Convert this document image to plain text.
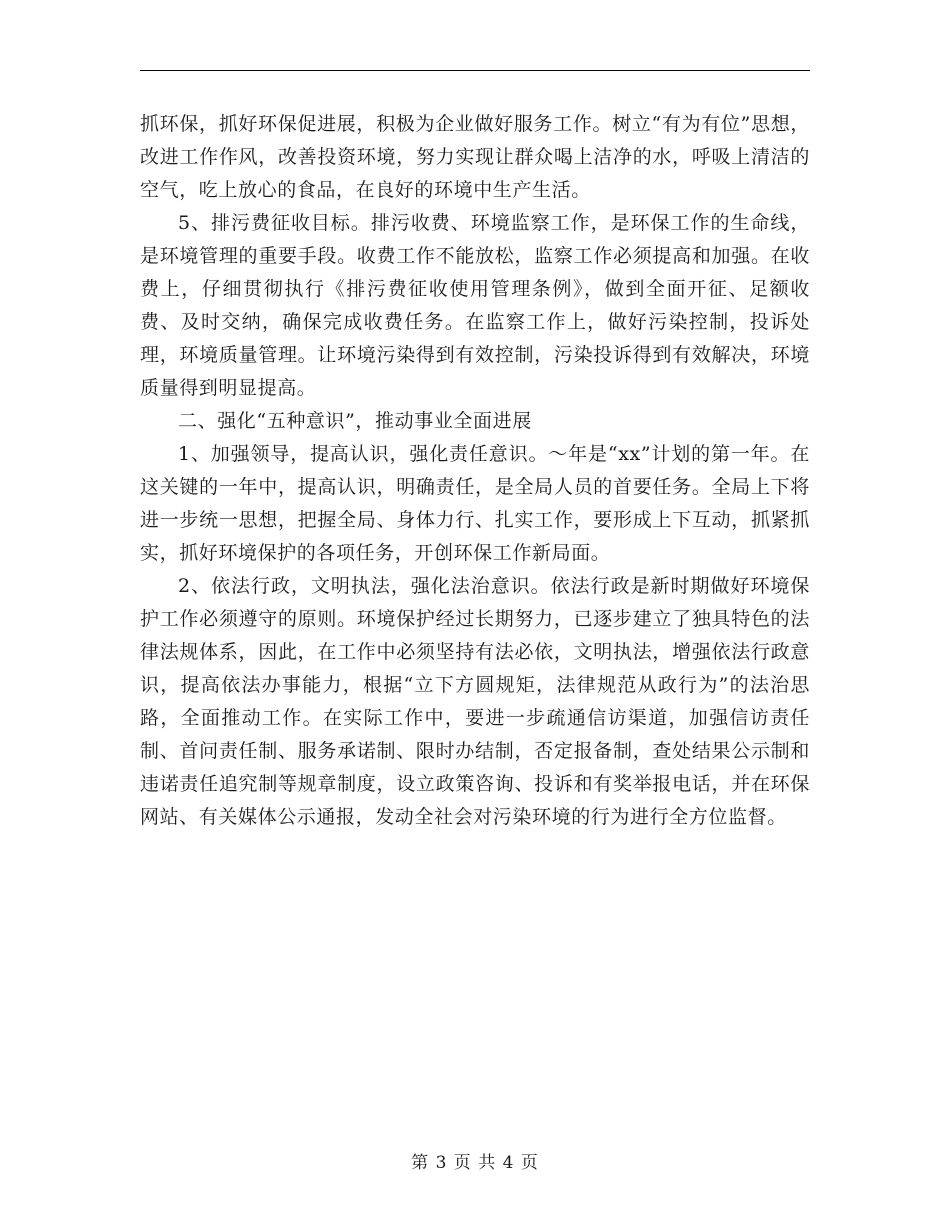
抓环保，抓好环保促进展，积极为企业做好服务工作。树立“有为有位”思想，改进工作作风，改善投资环境，努力实现让群众喝上洁净的水，呼吸上清洁的空气，吃上放心的食品，在良好的环境中生产生活。

5、排污费征收目标。排污收费、环境监察工作，是环保工作的生命线，是环境管理的重要手段。收费工作不能放松，监察工作必须提高和加强。在收费上，仔细贯彻执行《排污费征收使用管理条例》，做到全面开征、足额收费、及时交纳，确保完成收费任务。在监察工作上，做好污染控制，投诉处理，环境质量管理。让环境污染得到有效控制，污染投诉得到有效解决，环境质量得到明显提高。

二、强化“五种意识”，推动事业全面进展

1、加强领导，提高认识，强化责任意识。～年是“xx”计划的第一年。在这关键的一年中，提高认识，明确责任，是全局人员的首要任务。全局上下将进一步统一思想，把握全局、身体力行、扎实工作，要形成上下互动，抓紧抓实，抓好环境保护的各项任务，开创环保工作新局面。

2、依法行政，文明执法，强化法治意识。依法行政是新时期做好环境保护工作必须遵守的原则。环境保护经过长期努力，已逐步建立了独具特色的法律法规体系，因此，在工作中必须坚持有法必依，文明执法，增强依法行政意识，提高依法办事能力，根据“立下方圆规矩，法律规范从政行为”的法治思路，全面推动工作。在实际工作中，要进一步疏通信访渠道，加强信访责任制、首问责任制、服务承诺制、限时办结制，否定报备制，查处结果公示制和违诺责任追究制等规章制度，设立政策咨询、投诉和有奖举报电话，并在环保网站、有关媒体公示通报，发动全社会对污染环境的行为进行全方位监督。

第 3 页 共 4 页
